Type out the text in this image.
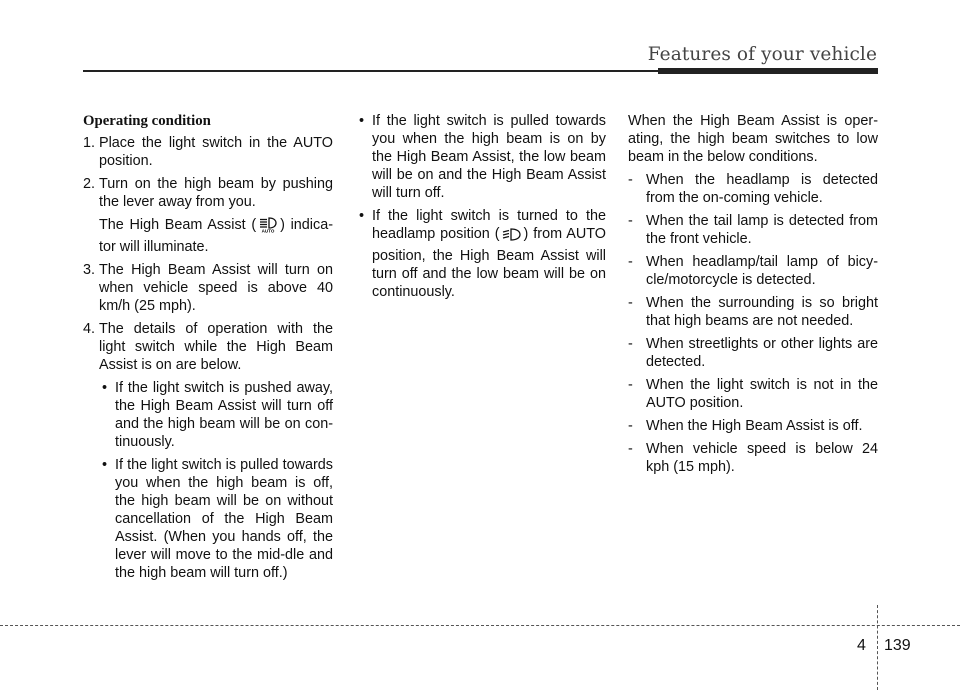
Features of your vehicle
Operating condition
1. Place the light switch in the AUTO position.
2. Turn on the high beam by pushing the lever away from you.
The High Beam Assist ( AUTO ) indica-tor will illuminate.
3. The High Beam Assist will turn on when vehicle speed is above 40 km/h (25 mph).
4. The details of operation with the light switch while the High Beam Assist is on are below.
• If the light switch is pushed away, the High Beam Assist will turn off and the high beam will be on con-tinuously.
• If the light switch is pulled towards you when the high beam is off, the high beam will be on without cancellation of the High Beam Assist. (When you hands off, the lever will move to the mid-dle and the high beam will turn off.)
• If the light switch is pulled towards you when the high beam is on by the High Beam Assist, the low beam will be on and the High Beam Assist will turn off.
• If the light switch is turned to the headlamp position ( ) from AUTO position, the High Beam Assist will turn off and the low beam will be on continuously.
When the High Beam Assist is oper-ating, the high beam switches to low beam in the below conditions.
- When the headlamp is detected from the on-coming vehicle.
- When the tail lamp is detected from the front vehicle.
- When headlamp/tail lamp of bicy-cle/motorcycle is detected.
- When the surrounding is so bright that high beams are not needed.
- When streetlights or other lights are detected.
- When the light switch is not in the AUTO position.
- When the High Beam Assist is off.
- When vehicle speed is below 24 kph (15 mph).
4 139
